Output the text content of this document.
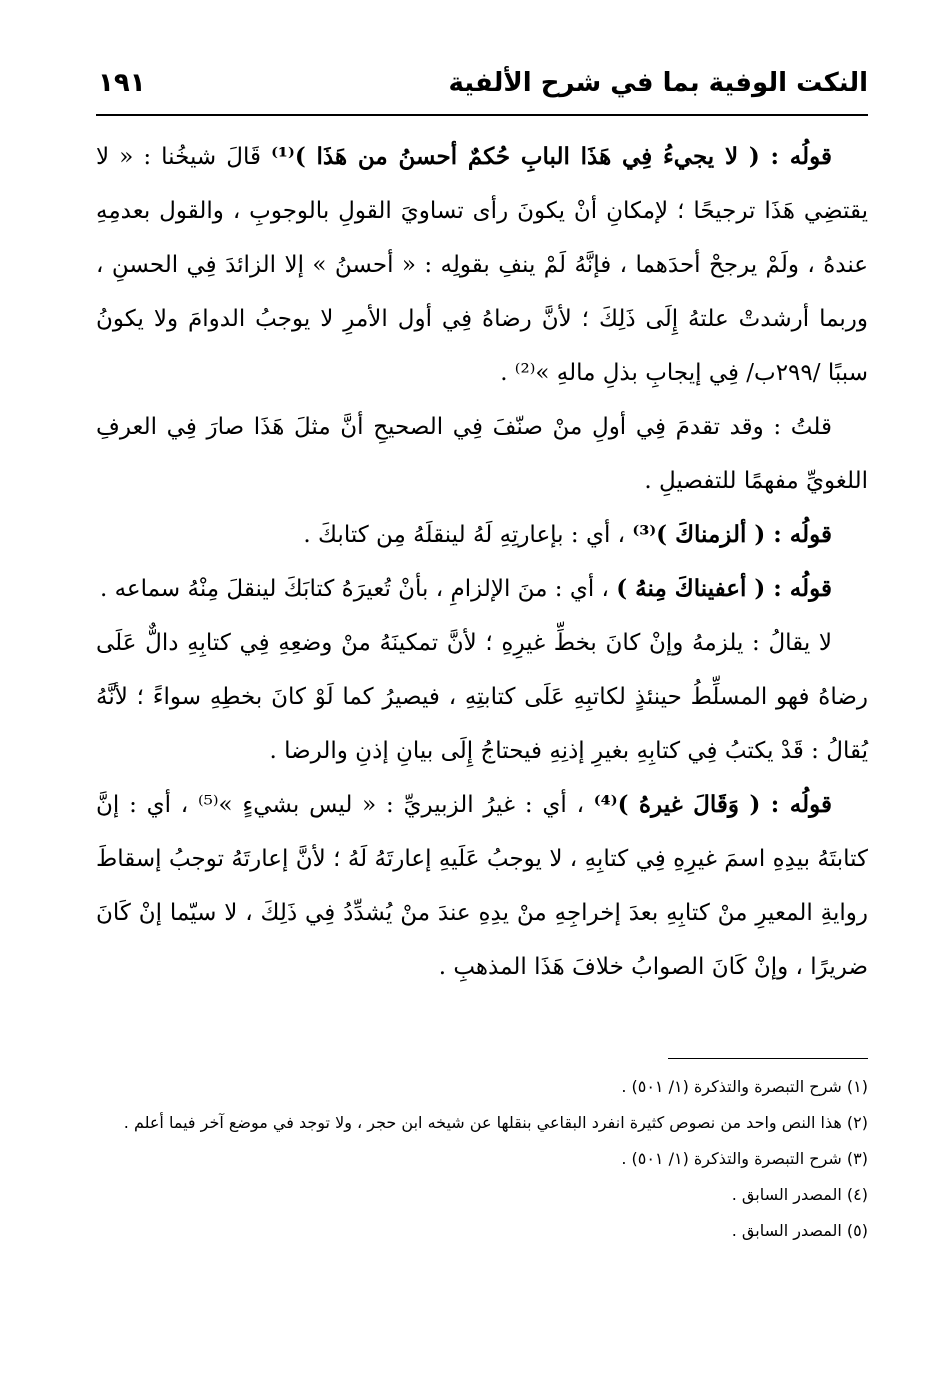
النكت الوفية بما في شرح الألفية
١٩١

قولُه : ( لا يجيءُ فِي هَذَا البابِ حُكمٌ أحسنُ من هَذَا )⁽¹⁾ قَالَ شيخُنا : « لا يقتضِي هَذَا ترجيحًا ؛ لإمكانِ أنْ يكونَ رأى تساويَ القولِ بالوجوبِ ، والقول بعدمِهِ عندهُ ، ولَمْ يرجحْ أحدَهما ، فإنَّهُ لَمْ ينفِ بقولِه : « أحسنُ » إلا الزائدَ فِي الحسنِ ، وربما أرشدتْ علتهُ إِلَى ذَلِكَ ؛ لأنَّ رضاهُ فِي أول الأمرِ لا يوجبُ الدوامَ ولا يكونُ سببًا /٢٩٩ب/ فِي إيجابِ بذلِ مالهِ »⁽²⁾ .

قلتُ : وقد تقدمَ فِي أولِ منْ صنّفَ فِي الصحيحِ أنَّ مثلَ هَذَا صارَ فِي العرفِ اللغويِّ مفهمًا للتفصيلِ .

قولُه : ( ألزمناكَ )⁽³⁾ ، أي : بإعارتِهِ لَهُ لينقلَهُ مِن كتابكَ .

قولُه : ( أعفيناكَ مِنهُ ) ، أي : منَ الإلزامِ ، بأنْ تُعيرَهُ كتابَكَ لينقلَ مِنْهُ سماعه .

لا يقالُ : يلزمهُ وإنْ كانَ بخطِّ غيرِهِ ؛ لأنَّ تمكينَهُ منْ وضعِهِ فِي كتابِهِ دالٌّ عَلَى رضاهُ فهو المسلِّطُ حينئذٍ لكاتبِهِ عَلَى كتابتِهِ ، فيصيرُ كما لَوْ كانَ بخطِهِ سواءً ؛ لأنَّهُ يُقالُ : قَدْ يكتبُ فِي كتابِهِ بغيرِ إذنِهِ فيحتاجُ إِلَى بيانِ إذنِ والرضا .

قولُه : ( وَقَالَ غيرهُ )⁽⁴⁾ ، أي : غيرُ الزبيريِّ : « ليس بشيءٍ »⁽⁵⁾ ، أي : إنَّ كتابتَهُ بيدِهِ اسمَ غيرِهِ فِي كتابِهِ ، لا يوجبُ عَلَيهِ إعارتَهُ لَهُ ؛ لأنَّ إعارتَهُ توجبُ إسقاطَ روايةِ المعيرِ منْ كتابِهِ بعدَ إخراجِهِ منْ يدِهِ عندَ منْ يُشدِّدُ فِي ذَلِكَ ، لا سيّما إنْ كَانَ ضريرًا ، وإنْ كَانَ الصوابُ خلافَ هَذَا المذهبِ .

(١) شرح التبصرة والتذكرة (١/ ٥٠١) .

(٢) هذا النص واحد من نصوص كثيرة انفرد البقاعي بنقلها عن شيخه ابن حجر ، ولا توجد في موضع آخر فيما أعلم .

(٣) شرح التبصرة والتذكرة (١/ ٥٠١) .

(٤) المصدر السابق .

(٥) المصدر السابق .
